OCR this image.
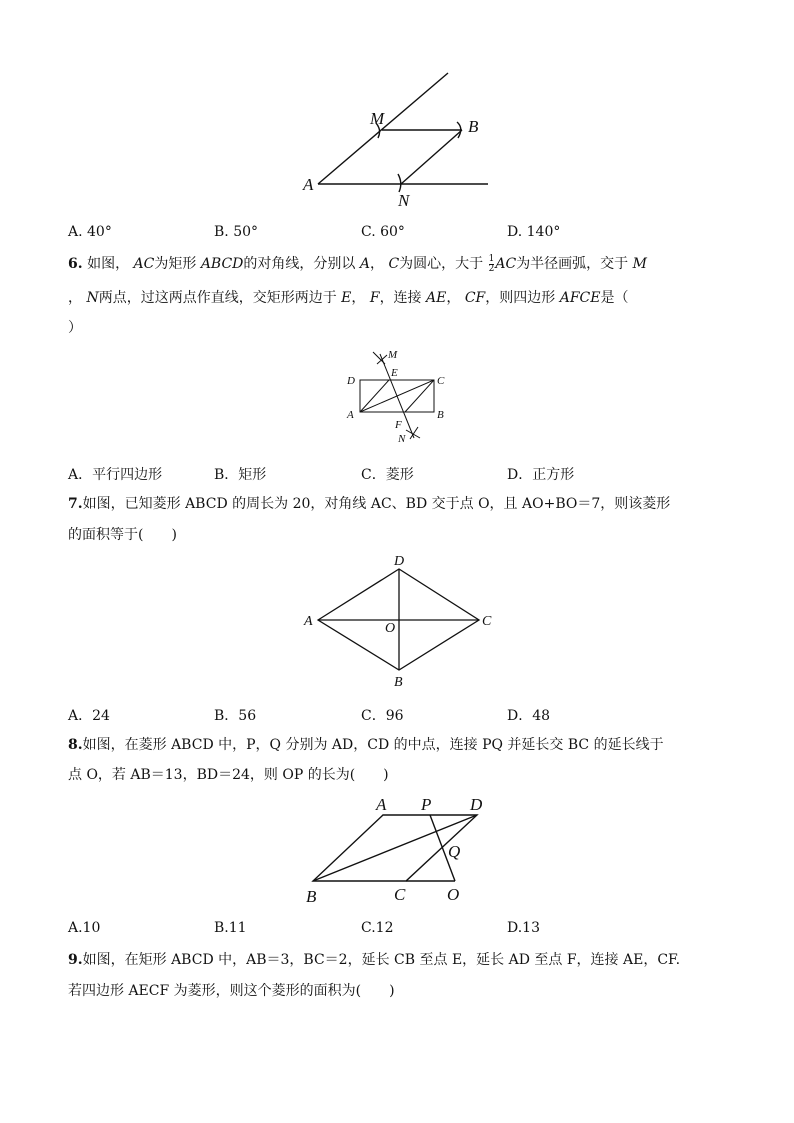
M	B
A
N
A. 40°	B. 50°	C. 60°	D. 140°
6. 如图， AC为矩形 ABCD的对角线，分别以 A， C为圆心，大于 $\frac{1}{2}$ AC为半径画弧，交于 M
， N两点，过这两点作直线，交矩形两边于 E， F，连接 AE， CF，则四边形 AFCE是（
）
M
E
D	C
A	B
F
N
A．平行四边形	B．矩形	C．菱形	D．正方形
7.如图，已知菱形 ABCD 的周长为 20，对角线 AC、BD 交于点 O，且 AO+BO＝7，则该菱形
的面积等于(　　)
D
A	O	C
B
A．24	B．56	C．96	D．48
8.如图，在菱形 ABCD 中，P，Q 分别为 AD，CD 的中点，连接 PQ 并延长交 BC 的延长线于
点 O，若 AB＝13，BD＝24，则 OP 的长为(　　)
A P D
Q
B	C O
A.10	B.11	C.12	D.13
9.如图，在矩形 ABCD 中，AB＝3，BC＝2，延长 CB 至点 E，延长 AD 至点 F，连接 AE，CF.
若四边形 AECF 为菱形，则这个菱形的面积为(　　)
